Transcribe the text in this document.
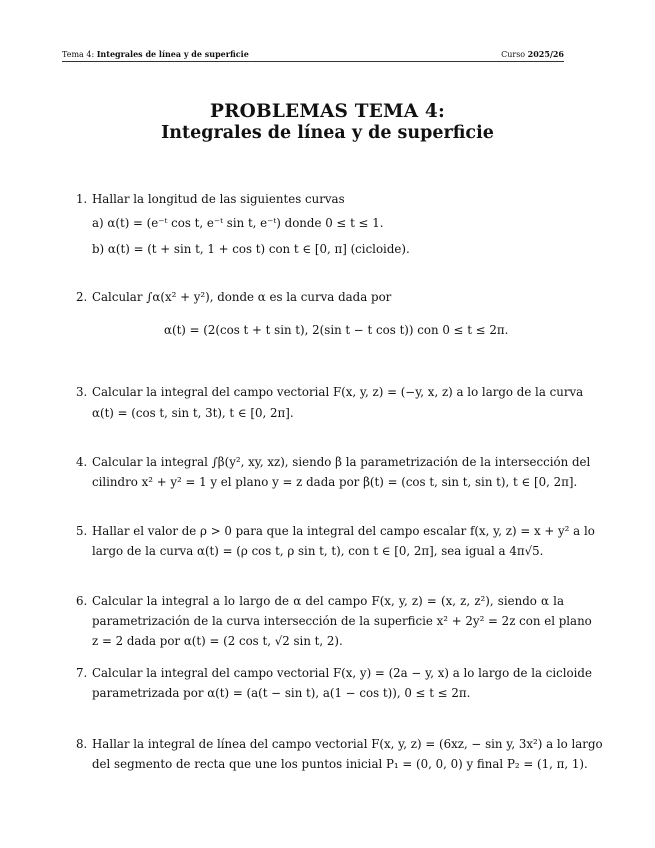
Tema 4: Integrales de línea y de superficie	Curso 2025/26
PROBLEMAS TEMA 4:
Integrales de línea y de superficie
1. Hallar la longitud de las siguientes curvas
a) α(t) = (e⁻ᵗ cos t, e⁻ᵗ sin t, e⁻ᵗ) donde 0 ≤ t ≤ 1.
b) α(t) = (t + sin t, 1 + cos t) con t ∈ [0, π] (cicloide).
2. Calcular ∫α(x² + y²), donde α es la curva dada por
α(t) = (2(cos t + t sin t), 2(sin t − t cos t)) con 0 ≤ t ≤ 2π.
3. Calcular la integral del campo vectorial F(x, y, z) = (−y, x, z) a lo largo de la curva
α(t) = (cos t, sin t, 3t), t ∈ [0, 2π].
4. Calcular la integral ∫β(y², xy, xz), siendo β la parametrización de la intersección del
cilindro x² + y² = 1 y el plano y = z dada por β(t) = (cos t, sin t, sin t), t ∈ [0, 2π].
5. Hallar el valor de ρ > 0 para que la integral del campo escalar f(x, y, z) = x + y² a lo
largo de la curva α(t) = (ρ cos t, ρ sin t, t), con t ∈ [0, 2π], sea igual a 4π√5.
6. Calcular la integral a lo largo de α del campo F(x, y, z) = (x, z, z²), siendo α la
parametrización de la curva intersección de la superficie x² + 2y² = 2z con el plano
z = 2 dada por α(t) = (2 cos t, √2 sin t, 2).
7. Calcular la integral del campo vectorial F(x, y) = (2a − y, x) a lo largo de la cicloide
parametrizada por α(t) = (a(t − sin t), a(1 − cos t)), 0 ≤ t ≤ 2π.
8. Hallar la integral de línea del campo vectorial F(x, y, z) = (6xz, − sin y, 3x²) a lo largo
del segmento de recta que une los puntos inicial P₁ = (0, 0, 0) y final P₂ = (1, π, 1).
